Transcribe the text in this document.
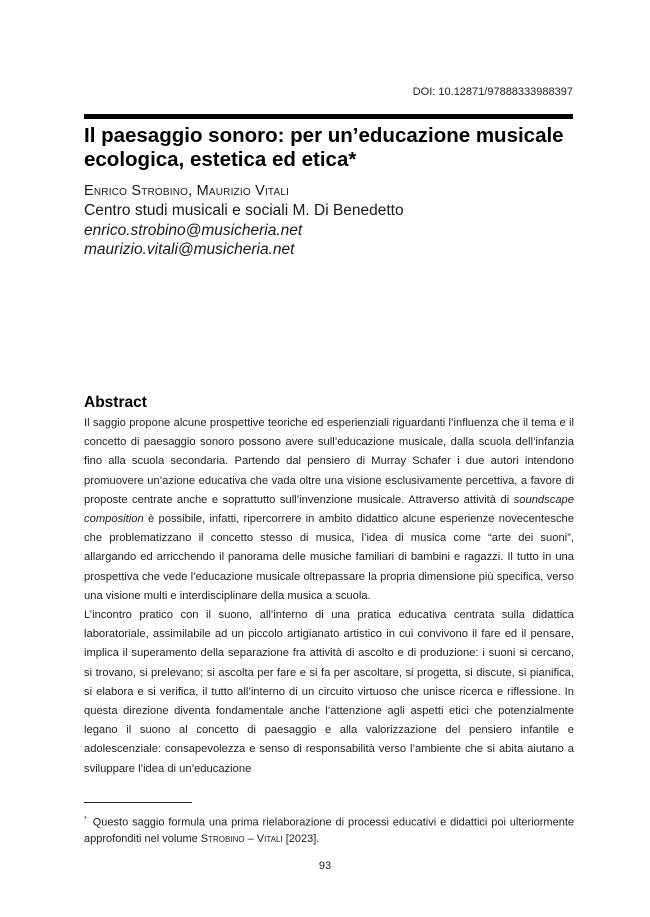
DOI: 10.12871/97888333988397
Il paesaggio sonoro: per un’educazione musicale ecologica, estetica ed etica*
Enrico Strobino, Maurizio Vitali
Centro studi musicali e sociali M. Di Benedetto
enrico.strobino@musicheria.net
maurizio.vitali@musicheria.net
Abstract

Il saggio propone alcune prospettive teoriche ed esperienziali riguardanti l’influenza che il tema e il concetto di paesaggio sonoro possono avere sull’educazione musicale, dalla scuola dell’infanzia fino alla scuola secondaria. Partendo dal pensiero di Murray Schafer i due autori intendono promuovere un’azione educativa che vada oltre una visione esclusivamente percettiva, a favore di proposte centrate anche e soprattutto sull’invenzione musicale. Attraverso attività di soundscape composition è possibile, infatti, ripercorrere in ambito didattico alcune esperienze novecentesche che problematizzano il concetto stesso di musica, l’idea di musica come “arte dei suoni”, allargando ed arricchendo il panorama delle musiche familiari di bambini e ragazzi. Il tutto in una prospettiva che vede l’educazione musicale oltrepassare la propria dimensione più specifica, verso una visione multi e interdisciplinare della musica a scuola.

L’incontro pratico con il suono, all’interno di una pratica educativa centrata sulla didattica laboratoriale, assimilabile ad un piccolo artigianato artistico in cui convivono il fare ed il pensare, implica il superamento della separazione fra attività di ascolto e di produzione: i suoni si cercano, si trovano, si prelevano; si ascolta per fare e si fa per ascoltare, si progetta, si discute, si pianifica, si elabora e si verifica, il tutto all’interno di un circuito virtuoso che unisce ricerca e riflessione. In questa direzione diventa fondamentale anche l’attenzione agli aspetti etici che potenzialmente legano il suono al concetto di paesaggio e alla valorizzazione del pensiero infantile e adolescenziale: consapevolezza e senso di responsabilità verso l’ambiente che si abita aiutano a sviluppare l’idea di un’educazione

* Questo saggio formula una prima rielaborazione di processi educativi e didattici poi ulteriormente approfonditi nel volume Strobino – Vitali [2023].
93
